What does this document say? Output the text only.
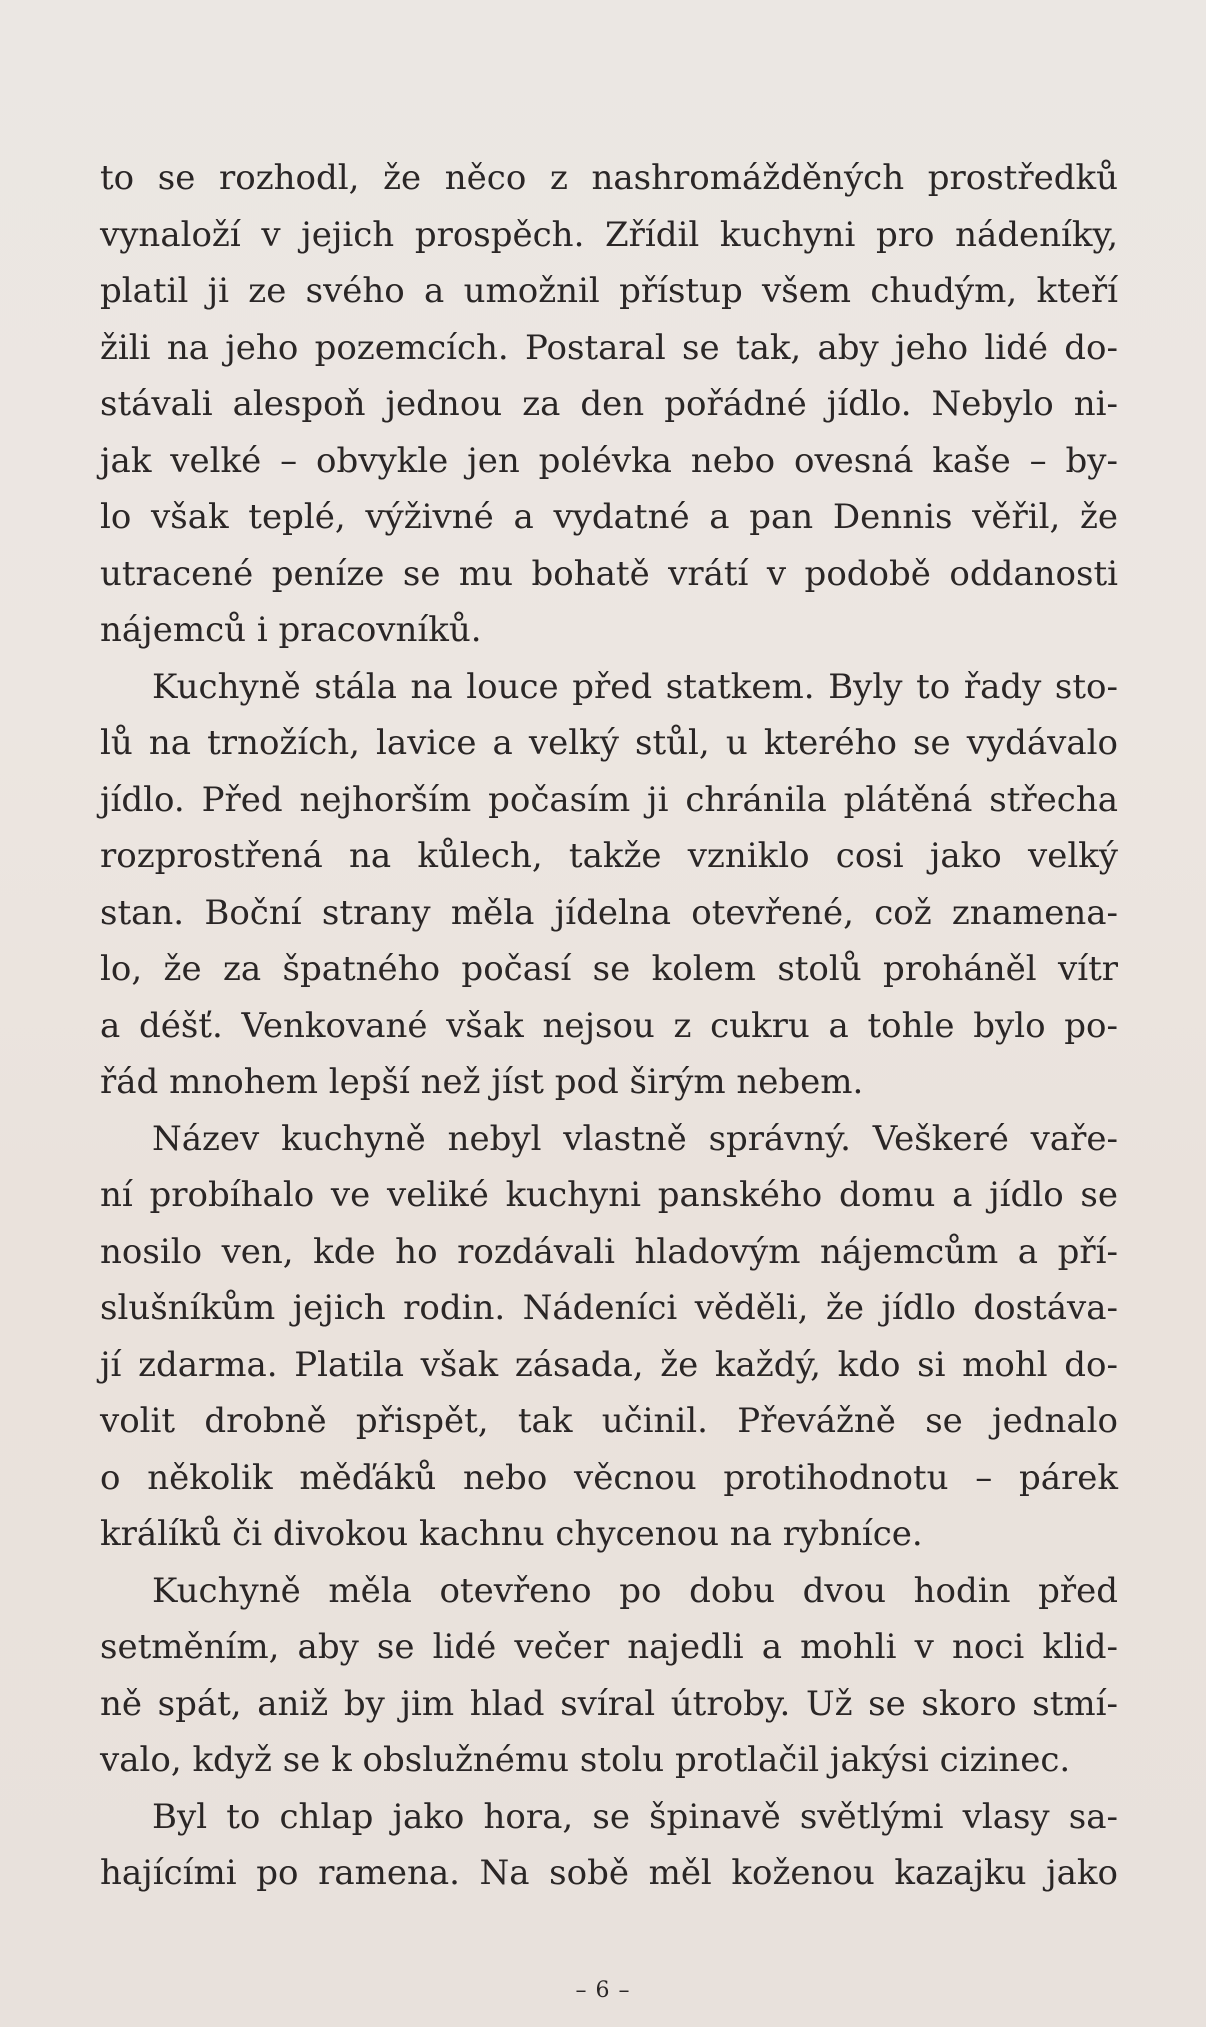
to se rozhodl, že něco z nashromážděných prostředků
vynaloží v jejich prospěch. Zřídil kuchyni pro nádeníky,
platil ji ze svého a umožnil přístup všem chudým, kteří
žili na jeho pozemcích. Postaral se tak, aby jeho lidé do-
stávali alespoň jednou za den pořádné jídlo. Nebylo ni-
jak velké – obvykle jen polévka nebo ovesná kaše – by-
lo však teplé, výživné a vydatné a pan Dennis věřil, že
utracené peníze se mu bohatě vrátí v podobě oddanosti
nájemců i pracovníků.
Kuchyně stála na louce před statkem. Byly to řady sto-
lů na trnožích, lavice a velký stůl, u kterého se vydávalo
jídlo. Před nejhorším počasím ji chránila plátěná střecha
rozprostřená na kůlech, takže vzniklo cosi jako velký
stan. Boční strany měla jídelna otevřené, což znamena-
lo, že za špatného počasí se kolem stolů proháněl vítr
a déšť. Venkované však nejsou z cukru a tohle bylo po-
řád mnohem lepší než jíst pod širým nebem.
Název kuchyně nebyl vlastně správný. Veškeré vaře-
ní probíhalo ve veliké kuchyni panského domu a jídlo se
nosilo ven, kde ho rozdávali hladovým nájemcům a pří-
slušníkům jejich rodin. Nádeníci věděli, že jídlo dostáva-
jí zdarma. Platila však zásada, že každý, kdo si mohl do-
volit drobně přispět, tak učinil. Převážně se jednalo
o několik měďáků nebo věcnou protihodnotu – párek
králíků či divokou kachnu chycenou na rybníce.
Kuchyně měla otevřeno po dobu dvou hodin před
setměním, aby se lidé večer najedli a mohli v noci klid-
ně spát, aniž by jim hlad svíral útroby. Už se skoro stmí-
valo, když se k obslužnému stolu protlačil jakýsi cizinec.
Byl to chlap jako hora, se špinavě světlými vlasy sa-
hajícími po ramena. Na sobě měl koženou kazajku jako
– 6 –
